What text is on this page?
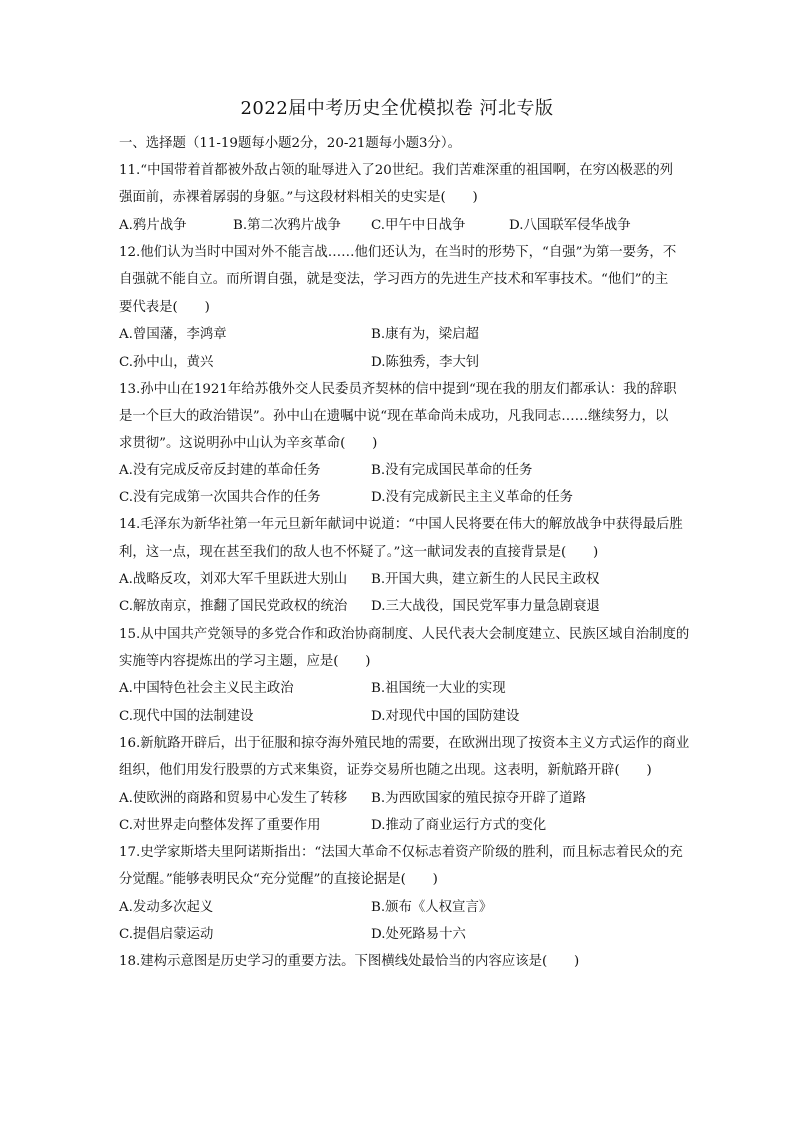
2022届中考历史全优模拟卷 河北专版
一、选择题（11-19题每小题2分，20-21题每小题3分）。
11.“中国带着首都被外敌占领的耻辱进入了20世纪。我们苦难深重的祖国啊，在穷凶极恶的列
强面前，赤裸着孱弱的身躯。”与这段材料相关的史实是(　　)
A.鸦片战争	B.第二次鸦片战争 C.甲午中日战争	D.八国联军侵华战争
12.他们认为当时中国对外不能言战……他们还认为，在当时的形势下，“自强”为第一要务，不
自强就不能自立。而所谓自强，就是变法，学习西方的先进生产技术和军事技术。“他们”的主
要代表是(　　)
A.曾国藩，李鸿章	B.康有为，梁启超
C.孙中山，黄兴	D.陈独秀，李大钊
13.孙中山在1921年给苏俄外交人民委员齐契林的信中提到“现在我的朋友们都承认：我的辞职
是一个巨大的政治错误”。孙中山在遗嘱中说“现在革命尚未成功，凡我同志……继续努力，以
求贯彻”。这说明孙中山认为辛亥革命(　　)
A.没有完成反帝反封建的革命任务	B.没有完成国民革命的任务
C.没有完成第一次国共合作的任务	D.没有完成新民主主义革命的任务
14.毛泽东为新华社第一年元旦新年献词中说道：“中国人民将要在伟大的解放战争中获得最后胜
利，这一点，现在甚至我们的敌人也不怀疑了。”这一献词发表的直接背景是(　　)
A.战略反攻，刘邓大军千里跃进大别山 B.开国大典，建立新生的人民民主政权
C.解放南京，推翻了国民党政权的统治 D.三大战役，国民党军事力量急剧衰退
15.从中国共产党领导的多党合作和政治协商制度、人民代表大会制度建立、民族区域自治制度的
实施等内容提炼出的学习主题，应是(　　)
A.中国特色社会主义民主政治	B.祖国统一大业的实现
C.现代中国的法制建设	D.对现代中国的国防建设
16.新航路开辟后，出于征服和掠夺海外殖民地的需要，在欧洲出现了按资本主义方式运作的商业
组织，他们用发行股票的方式来集资，证券交易所也随之出现。这表明，新航路开辟(　　)
A.使欧洲的商路和贸易中心发生了转移 B.为西欧国家的殖民掠夺开辟了道路
C.对世界走向整体发挥了重要作用	D.推动了商业运行方式的变化
17.史学家斯塔夫里阿诺斯指出：“法国大革命不仅标志着资产阶级的胜利，而且标志着民众的充
分觉醒。”能够表明民众“充分觉醒”的直接论据是(　　)
A.发动多次起义	B.颁布《人权宣言》
C.提倡启蒙运动	D.处死路易十六
18.建构示意图是历史学习的重要方法。下图横线处最恰当的内容应该是(　　)
